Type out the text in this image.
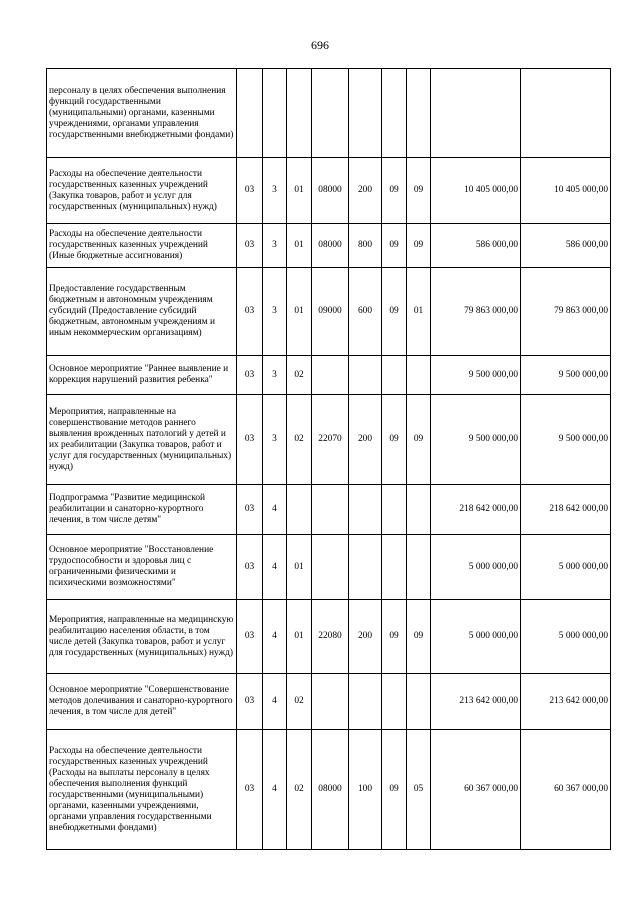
696
персоналу в целях обеспечения выполнения функций государственными (муниципальными) органами, казенными учреждениями, органами управления государственными внебюджетными фондами)									
Расходы на обеспечение деятельности государственных казенных учреждений (Закупка товаров, работ и услуг для государственных (муниципальных) нужд)	03	3	01	08000	200	09	09	10 405 000,00	10 405 000,00
Расходы на обеспечение деятельности государственных казенных учреждений (Иные бюджетные ассигнования)	03	3	01	08000	800	09	09	586 000,00	586 000,00
Предоставление государственным бюджетным и автономным учреждениям субсидий (Предоставление субсидий бюджетным, автономным учреждениям и иным некоммерческим организациям)	03	3	01	09000	600	09	01	79 863 000,00	79 863 000,00
Основное мероприятие "Раннее выявление и коррекция нарушений развития ребенка"	03	3	02					9 500 000,00	9 500 000,00
Мероприятия, направленные на совершенствование методов раннего выявления врожденных патологий у детей и их реабилитации (Закупка товаров, работ и услуг для государственных (муниципальных) нужд)	03	3	02	22070	200	09	09	9 500 000,00	9 500 000,00
Подпрограмма "Развитие медицинской реабилитации и санаторно-курортного лечения, в том числе детям"	03	4						218 642 000,00	218 642 000,00
Основное мероприятие "Восстановление трудоспособности и здоровья лиц с ограниченными физическими и психическими возможностями"	03	4	01					5 000 000,00	5 000 000,00
Мероприятия, направленные на медицинскую реабилитацию населения области, в том числе детей (Закупка товаров, работ и услуг для государственных (муниципальных) нужд)	03	4	01	22080	200	09	09	5 000 000,00	5 000 000,00
Основное мероприятие "Совершенствование методов долечивания и санаторно-курортного лечения, в том числе для детей"	03	4	02					213 642 000,00	213 642 000,00
Расходы на обеспечение деятельности государственных казенных учреждений (Расходы на выплаты персоналу в целях обеспечения выполнения функций государственными (муниципальными) органами, казенными учреждениями, органами управления государственными внебюджетными фондами)	03	4	02	08000	100	09	05	60 367 000,00	60 367 000,00
